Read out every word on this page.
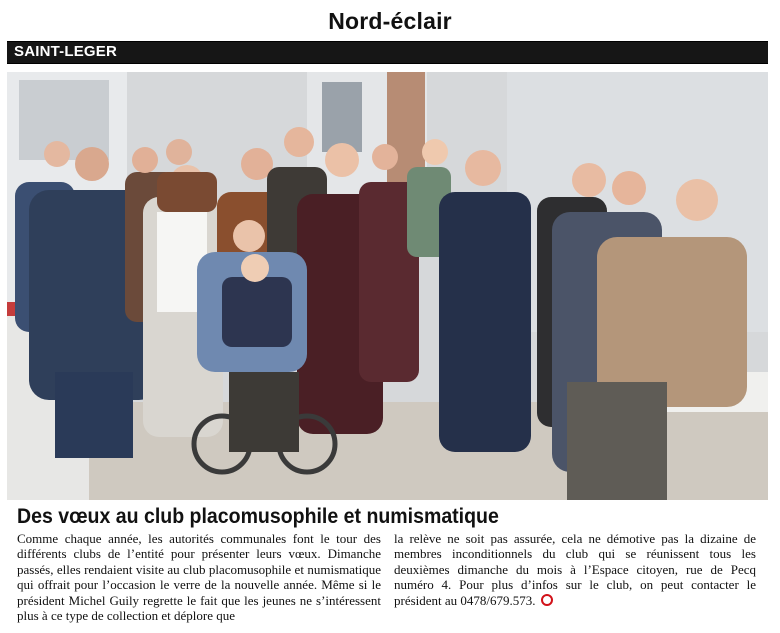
Nord-éclair
SAINT-LEGER
Des vœux au club placomusophile et numismatique
Comme chaque année, les autorités communales font le tour des différents clubs de l’entité pour présenter leurs vœux. Dimanche passés, elles rendaient visite au club placomusophile et numismatique qui offrait pour l’occasion le verre de la nouvelle année. Même si le président Michel Guily regrette le fait que les jeunes ne s’intéressent plus à ce type de collection et déplore que
la relève ne soit pas assurée, cela ne démotive pas la dizaine de membres inconditionnels du club qui se réunissent tous les deuxièmes dimanche du mois à l’Espace citoyen, rue de Pecq numéro 4. Pour plus d’infos sur le club, on peut contacter le président au 0478/679.573.
